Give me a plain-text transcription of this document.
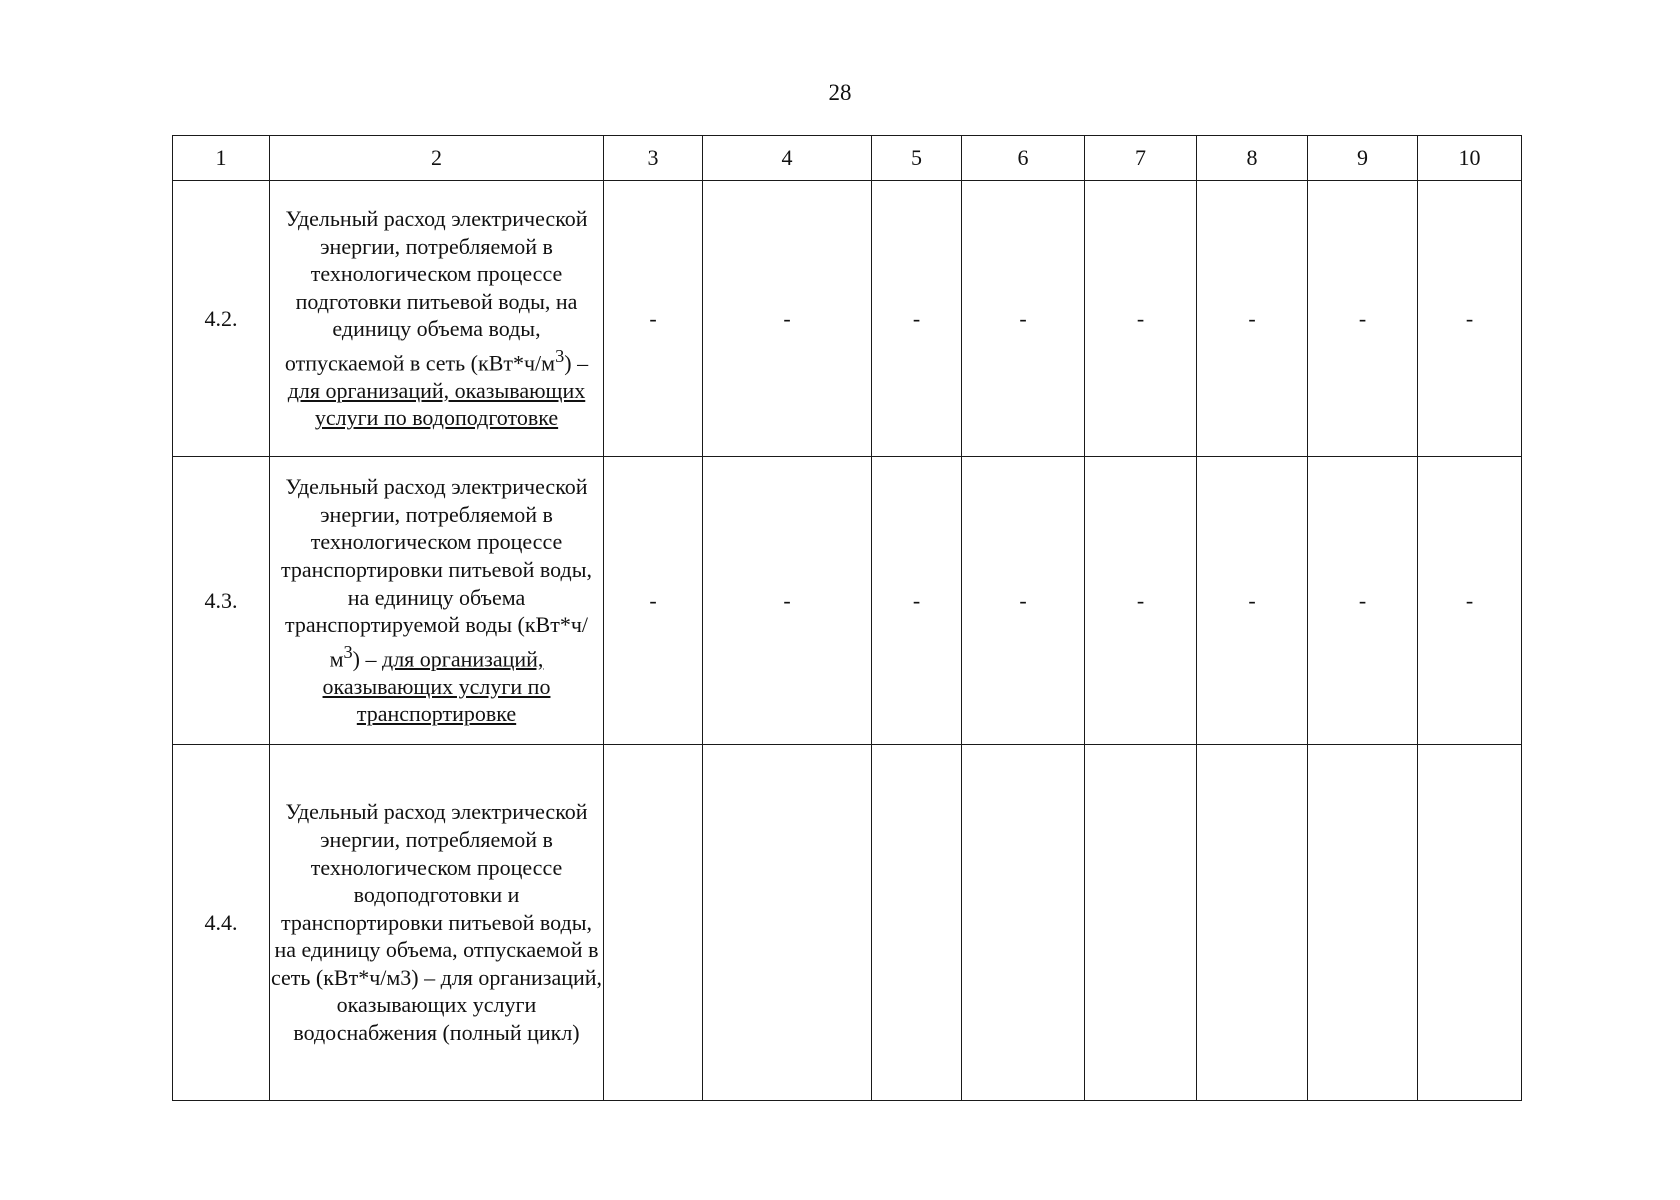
28
1	2	3	4	5	6	7	8	9	10
4.2.	Удельный расход электрической энергии, потребляемой в технологическом процессе подготовки питьевой воды, на единицу объема воды, отпускаемой в сеть $(кВт*ч/м^3)$ – для организаций, оказывающих услуги по водоподготовке	-	-	-	-	-	-	-	-
4.3.	Удельный расход электрической энергии, потребляемой в технологическом процессе транспортировки питьевой воды, на единицу объема транспортируемой воды $(кВт*ч/м^3)$ – для организаций, оказывающих услуги по транспортировке	-	-	-	-	-	-	-	-
4.4.	Удельный расход электрической энергии, потребляемой в технологическом процессе водоподготовки и транспортировки питьевой воды, на единицу объема, отпускаемой в сеть (кВт*ч/м3) – для организаций, оказывающих услуги водоснабжения (полный цикл)								
